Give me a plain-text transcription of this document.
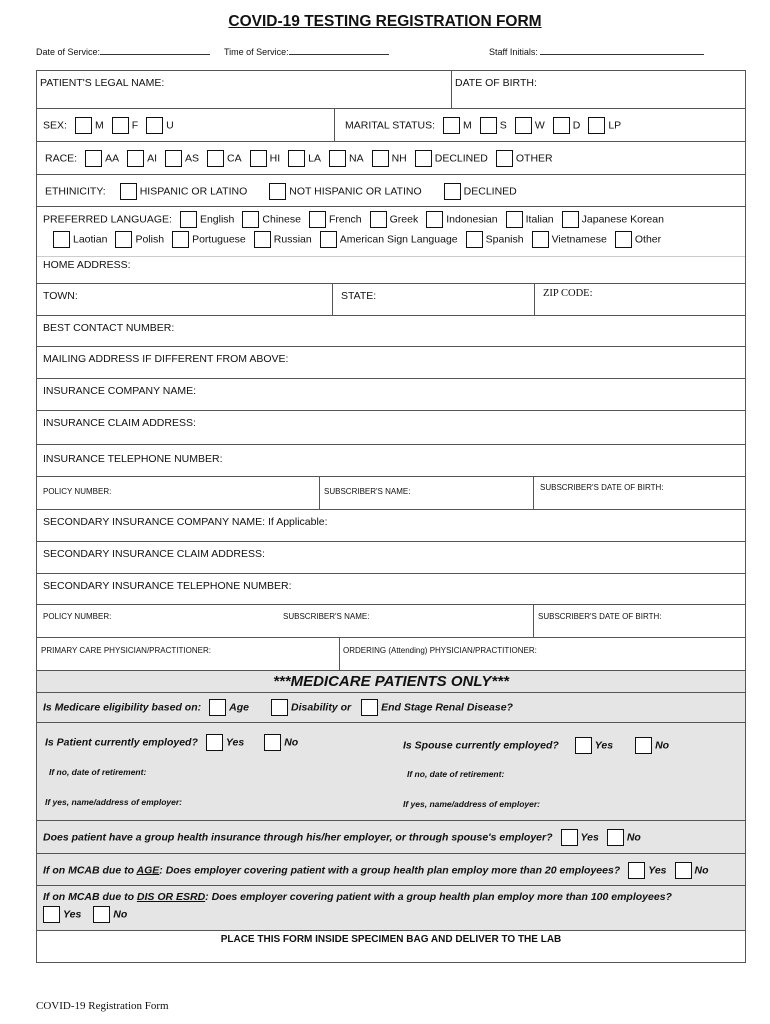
COVID-19 TESTING REGISTRATION FORM
Date of Service:	Time of Service:	Staff Initials:
PATIENT'S LEGAL NAME:	DATE OF BIRTH:
SEX:	M	F	U	MARITAL STATUS:	M	S	W	D	LP
RACE:	AA	AI	AS	CA	HI	LA	NA	NH	DECLINED	OTHER
ETHINICITY:	HISPANIC OR LATINO	NOT HISPANIC OR LATINO	DECLINED
PREFERRED LANGUAGE:	English	Chinese	French	Greek	Indonesian	Italian	Japanese Korean
Laotian	Polish	Portuguese	Russian	American Sign Language	Spanish	Vietnamese	Other
HOME ADDRESS:
TOWN:	STATE:	ZIP CODE:
BEST CONTACT NUMBER:
MAILING ADDRESS IF DIFFERENT FROM ABOVE:
INSURANCE COMPANY NAME:
INSURANCE CLAIM ADDRESS:
INSURANCE TELEPHONE NUMBER:
POLICY NUMBER:	SUBSCRIBER'S NAME:	SUBSCRIBER'S DATE OF BIRTH:
SECONDARY INSURANCE COMPANY NAME: If Applicable:
SECONDARY INSURANCE CLAIM ADDRESS:
SECONDARY INSURANCE TELEPHONE NUMBER:
POLICY NUMBER:	SUBSCRIBER'S NAME:	SUBSCRIBER'S DATE OF BIRTH:
PRIMARY CARE PHYSICIAN/PRACTITIONER:	ORDERING (Attending) PHYSICIAN/PRACTITIONER:
***MEDICARE PATIENTS ONLY***
Is Medicare eligibility based on:	Age	Disability or	End Stage Renal Disease?
Is Patient currently employed?	Yes	No	Is Spouse currently employed?	Yes	No
If no, date of retirement:	If no, date of retirement:
If yes, name/address of employer:	If yes, name/address of employer:
Does patient have a group health insurance through his/her employer, or through spouse's employer?	Yes	No
If on MCAB due to AGE: Does employer covering patient with a group health plan employ more than 20 employees?	Yes	No
If on MCAB due to DIS OR ESRD: Does employer covering patient with a group health plan employ more than 100 employees?
Yes	No
PLACE THIS FORM INSIDE SPECIMEN BAG AND DELIVER TO THE LAB
COVID-19 Registration Form
